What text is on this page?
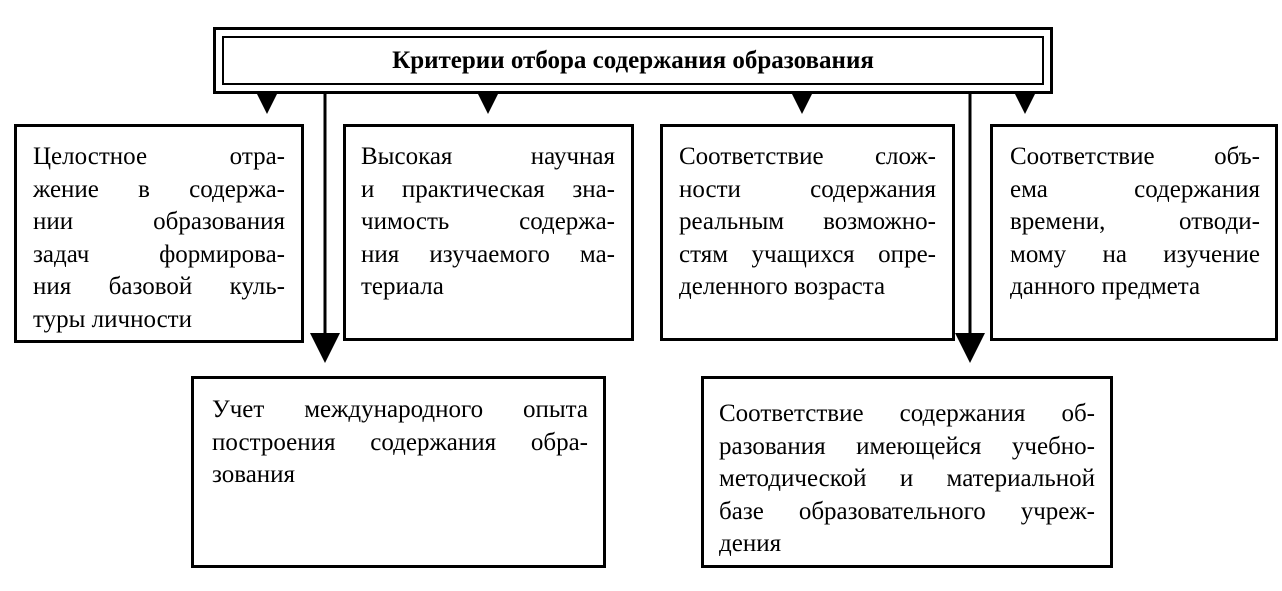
Критерии отбора содержания образования
Целостное отра-
жение в содержа-
нии образования
задач формирова-
ния базовой куль-
туры личности
Высокая научная
и практическая зна-
чимость содержа-
ния изучаемого ма-
териала
Соответствие слож-
ности содержания
реальным возможно-
стям учащихся опре-
деленного возраста
Соответствие объ-
ема содержания
времени, отводи-
мому на изучение
данного предмета
Учет международного опыта
построения содержания обра-
зования
Соответствие содержания об-
разования имеющейся учебно-
методической и материальной
базе образовательного учреж-
дения
